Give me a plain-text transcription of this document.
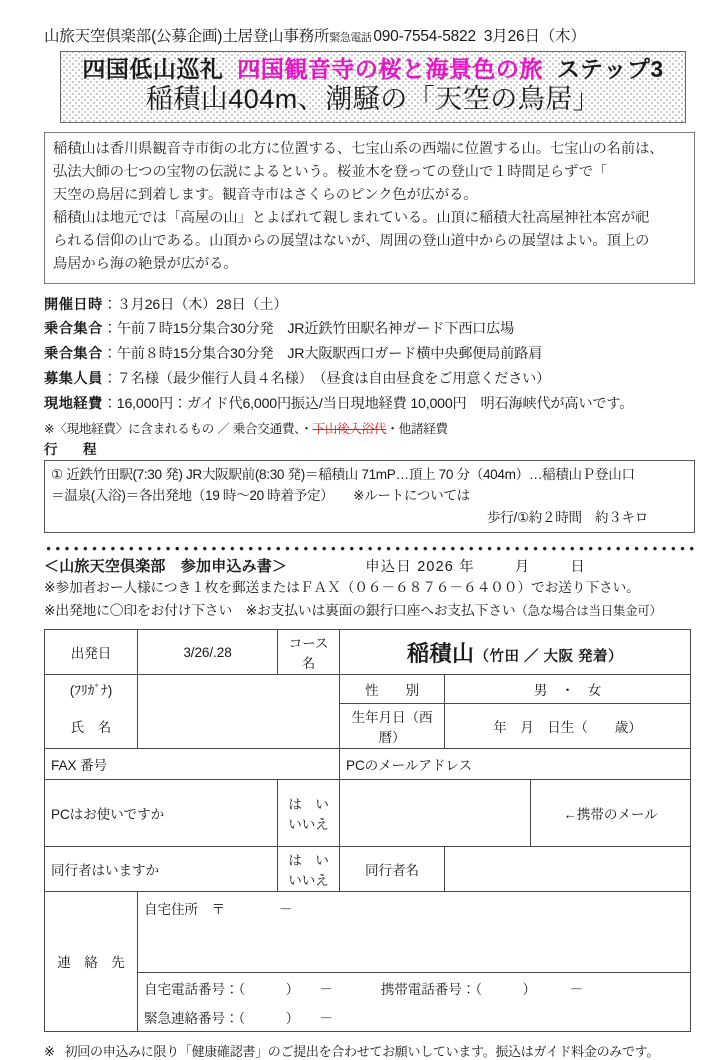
山旅天空倶楽部(公募企画)土居登山事務所緊急電話 090-7554-5822 3月26日（木）
四国低山巡礼 四国観音寺の桜と海景色の旅 ステップ3
稲積山404m、潮騒の「天空の鳥居」

稲積山は香川県観音寺市街の北方に位置する、七宝山系の西端に位置する山。七宝山の名前は、

弘法大師の七つの宝物の伝説によるという。桜並木を登っての登山で１時間足らずで「

天空の鳥居に到着します。観音寺市はさくらのピンク色が広がる。

稲積山は地元では「高屋の山」とよばれて親しまれている。山頂に稲積大社高屋神社本宮が祀

られる信仰の山である。山頂からの展望はないが、周囲の登山道中からの展望はよい。頂上の

鳥居から海の絶景が広がる。

開催日時：３月26日（木）28日（土）
乗合集合：午前７時15分集合30分発　JR近鉄竹田駅名神ガード下西口広場
乗合集合：午前８時15分集合30分発　JR大阪駅西口ガード横中央郵便局前路肩
募集人員：７名様（最少催行人員４名様）　（昼食は自由昼食をご用意ください）
現地経費：16,000円：ガイド代6,000円振込/当日現地経費 10,000円　明石海峡代が高いです。
※〈現地経費〉に含まれるもの ／ 乗合交通費、・下山後入浴代・他諸経費
行　程
① 近鉄竹田駅(7:30 発) JR大阪駅前(8:30 発)＝稲積山 71mP…頂上 70 分（404m）…稲積山Ｐ登山口
＝温泉(入浴)＝各出発地（19 時～20 時着予定）　　※ルートについては
歩行/①約２時間　約３キロ
＜山旅天空倶楽部　参加申込み書＞	申込日 2026 年	月	日
※参加者おー人様につき１枚を郵送またはＦＡＸ（０６－６８７６－６４００）でお送り下さい。
※出発地に〇印をお付け下さい　※お支払いは裏面の銀行口座へお支払下さい（急な場合は当日集金可）
出発日	3/26/.28	コース名	稲積山（竹田 ／ 大阪 発着）		
(ﾌﾘｶﾞﾅ)			性　　別	男　・　女	
氏　名			生年月日（西暦）	年　月　日生（　　歳）	
FAX 番号			PCのメールアドレス		
PCはお使いですか		は　い　いいえ			←携帯のメール
同行者はいますか		は　い　いいえ	同行者名		
連　絡　先	自宅住所　〒　　　　－				
	自宅電話番号：（　　　）　　－ 携帯電話番号：（　　　）　　　－				
	緊急連絡番号：（　　　）　　－				
※ 初回の申込みに限り「健康確認書」のご提出を合わせてお願いしています。振込はガイド料金のみです。
